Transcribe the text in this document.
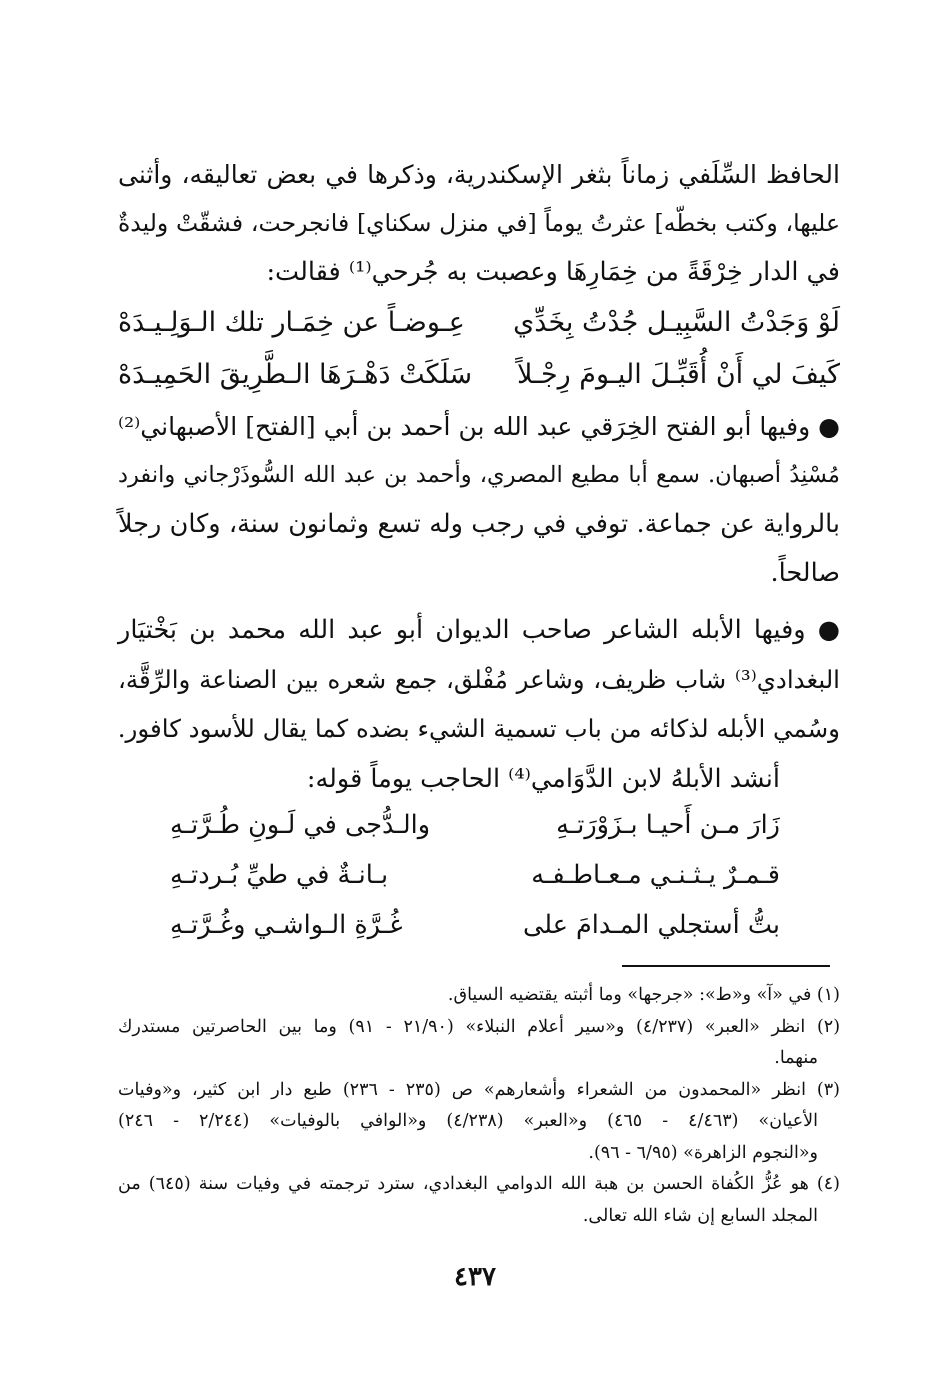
الحافظ السِّلَفي زماناً بثغر الإسكندرية، وذكرها في بعض تعاليقه، وأثنى
عليها، وكتب بخطّه] عثرتُ يوماً [في منزل سكناي] فانجرحت، فشقّتْ وليدةٌ
في الدار خِرْقَةً من خِمَارِهَا وعصبت به جُرحي⁽¹⁾ فقالت:
لَوْ وَجَدْتُ السَّبِيـل جُدْتُ بِخَدِّي
عِـوضـاً عن خِمَـار تلك الـوَلِـيـدَهْ
كَيفَ لي أَنْ أُقَبِّـلَ اليـومَ رِجْـلاً
سَلَكَتْ دَهْـرَهَا الـطَّرِيقَ الحَمِيـدَهْ
● وفيها أبو الفتح الخِرَقي عبد الله بن أحمد بن أبي [الفتح] الأصبهاني⁽²⁾
مُسْنِدُ أصبهان. سمع أبا مطيع المصري، وأحمد بن عبد الله السُّوذَرْجاني وانفرد
بالرواية عن جماعة. توفي في رجب وله تسع وثمانون سنة، وكان رجلاً
صالحاً.
● وفيها الأبله الشاعر صاحب الديوان أبو عبد الله محمد بن بَخْتيَار
البغدادي⁽³⁾ شاب ظريف، وشاعر مُفْلق، جمع شعره بين الصناعة والرِّقَّة،
وسُمي الأبله لذكائه من باب تسمية الشيء بضده كما يقال للأسود كافور.
أنشد الأبلهُ لابن الدَّوَامي⁽⁴⁾ الحاجب يوماً قوله:
زَارَ مـن أَحيـا بـزَوْرَتـهِ
والـدُّجى في لَـونِ طُـرَّتـهِ
قـمـرٌ يـثـنـي مـعـاطـفـه
بـانـةٌ في طيِّ بُـردتـهِ
بتُّ أستجلي المـدامَ على
غُـرَّةِ الـواشـي وغُـرَّتـهِ
(١) في «آ» و«ط»: «جرجها» وما أثبته يقتضيه السياق.
(٢) انظر «العبر» (٤/٢٣٧) و«سير أعلام النبلاء» (٢١/٩٠ - ٩١) وما بين الحاصرتين مستدرك
منهما.
(٣) انظر «المحمدون من الشعراء وأشعارهم» ص (٢٣٥ - ٢٣٦) طبع دار ابن كثير، و«وفيات
الأعيان» (٤/٤٦٣ - ٤٦٥) و«العبر» (٤/٢٣٨) و«الوافي بالوفيات» (٢/٢٤٤ - ٢٤٦)
و«النجوم الزاهرة» (٦/٩٥ - ٩٦).
(٤) هو عُزُّ الكُفاة الحسن بن هبة الله الدوامي البغدادي، سترد ترجمته في وفيات سنة (٦٤٥) من
المجلد السابع إن شاء الله تعالى.
٤٣٧
